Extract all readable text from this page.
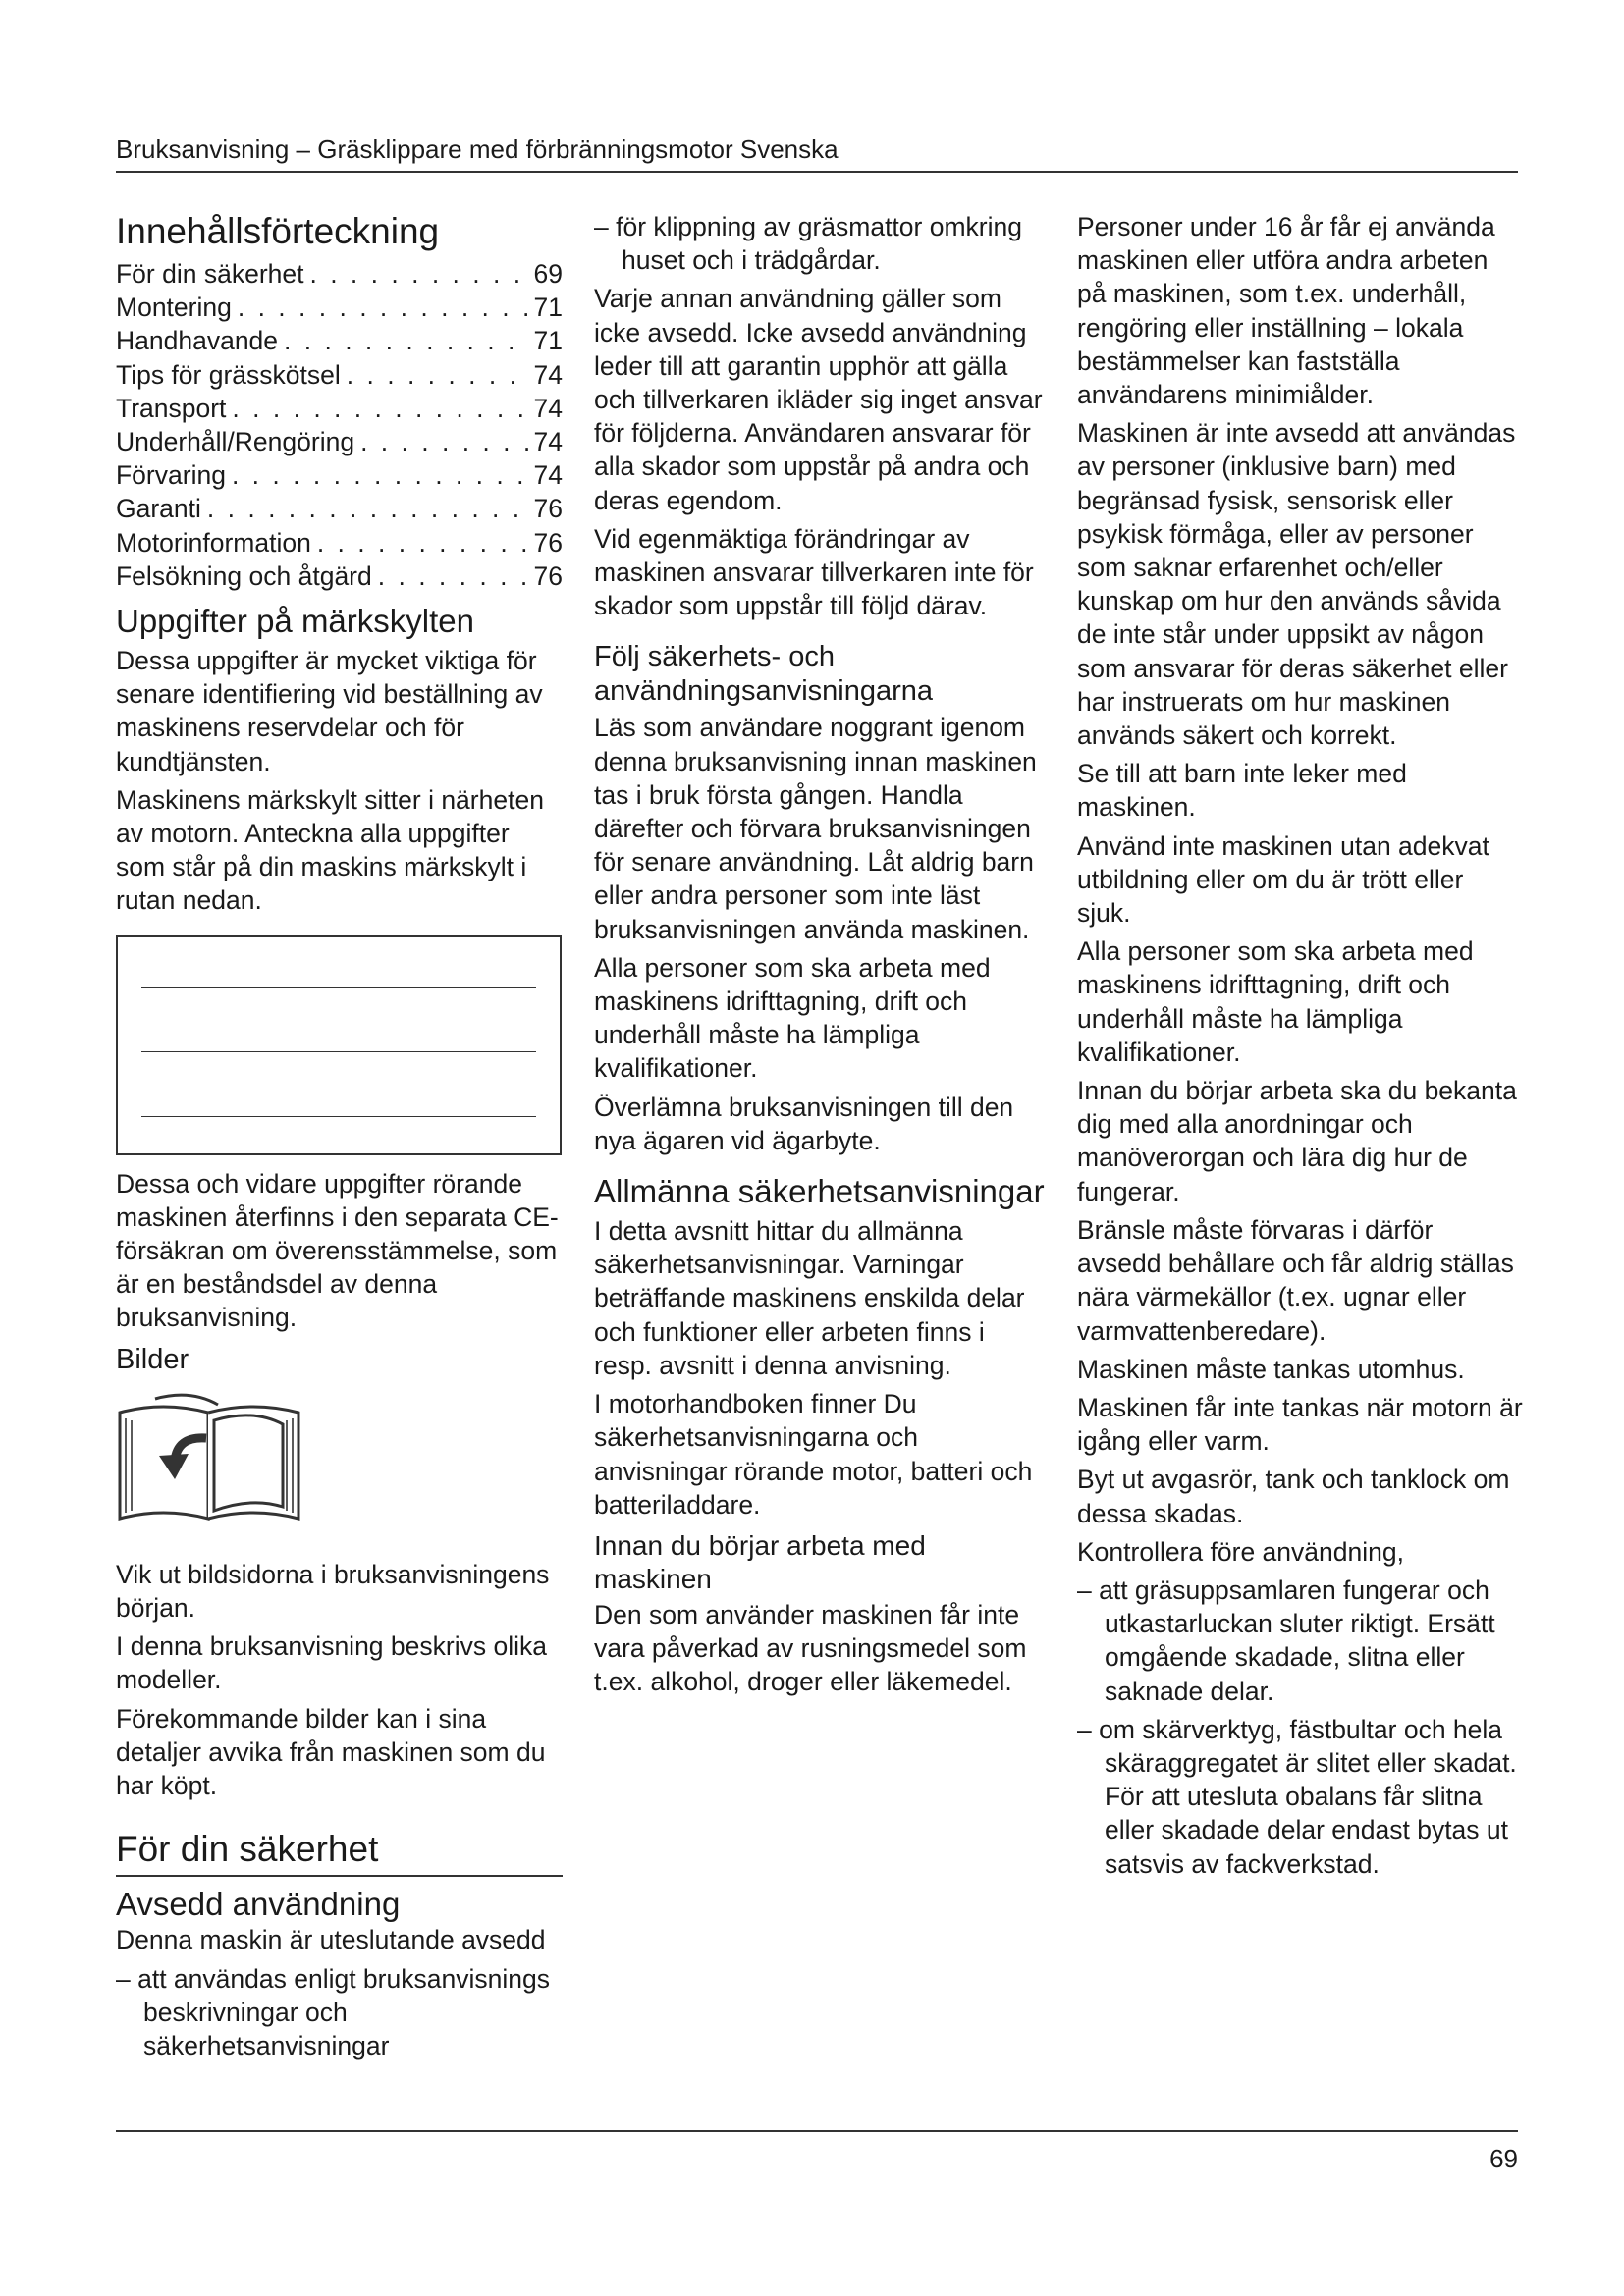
Bruksanvisning – Gräsklippare med förbränningsmotor Svenska
Innehållsförteckning
För din säkerhet . . .	69
Montering . . .	71
Handhavande . . .	71
Tips för grässkötsel . . .	74
Transport . . .	74
Underhåll/Rengöring . . .	74
Förvaring . . .	74
Garanti . . .	76
Motorinformation . . .	76
Felsökning och åtgärd . . .	76
Uppgifter på märkskylten

Dessa uppgifter är mycket viktiga för senare identifiering vid beställning av maskinens reservdelar och för kundtjänsten.

Maskinens märkskylt sitter i närheten av motorn. Anteckna alla uppgifter som står på din maskins märkskylt i rutan nedan.

Dessa och vidare uppgifter rörande maskinen återfinns i den separata CE-försäkran om överensstämmelse, som är en beståndsdel av denna bruksanvisning.

Bilder

Vik ut bildsidorna i bruksanvisningens början.

I denna bruksanvisning beskrivs olika modeller.

Förekommande bilder kan i sina detaljer avvika från maskinen som du har köpt.

För din säkerhet
Avsedd användning

Denna maskin är uteslutande avsedd

– att användas enligt bruksanvisnings beskrivningar och säkerhetsanvisningar

– för klippning av gräsmattor omkring huset och i trädgårdar.

Varje annan användning gäller som icke avsedd. Icke avsedd användning leder till att garantin upphör att gälla och tillverkaren ikläder sig inget ansvar för följderna. Användaren ansvarar för alla skador som uppstår på andra och deras egendom.

Vid egenmäktiga förändringar av maskinen ansvarar tillverkaren inte för skador som uppstår till följd därav.

Följ säkerhets- och användningsanvisningarna

Läs som användare noggrant igenom denna bruksanvisning innan maskinen tas i bruk första gången. Handla därefter och förvara bruksanvisningen för senare användning. Låt aldrig barn eller andra personer som inte läst bruksanvisningen använda maskinen.

Alla personer som ska arbeta med maskinens idrifttagning, drift och underhåll måste ha lämpliga kvalifikationer.

Överlämna bruksanvisningen till den nya ägaren vid ägarbyte.

Allmänna säkerhetsanvisningar

I detta avsnitt hittar du allmänna säkerhetsanvisningar. Varningar beträffande maskinens enskilda delar och funktioner eller arbeten finns i resp. avsnitt i denna anvisning.

I motorhandboken finner Du säkerhetsanvisningarna och anvisningar rörande motor, batteri och batteriladdare.

Innan du börjar arbeta med maskinen

Den som använder maskinen får inte vara påverkad av rusningsmedel som t.ex. alkohol, droger eller läkemedel.

Personer under 16 år får ej använda maskinen eller utföra andra arbeten på maskinen, som t.ex. underhåll, rengöring eller inställning – lokala bestämmelser kan fastställa användarens minimiålder.

Maskinen är inte avsedd att användas av personer (inklusive barn) med begränsad fysisk, sensorisk eller psykisk förmåga, eller av personer som saknar erfarenhet och/eller kunskap om hur den används såvida de inte står under uppsikt av någon som ansvarar för deras säkerhet eller har instruerats om hur maskinen används säkert och korrekt.

Se till att barn inte leker med maskinen.

Använd inte maskinen utan adekvat utbildning eller om du är trött eller sjuk.

Alla personer som ska arbeta med maskinens idrifttagning, drift och underhåll måste ha lämpliga kvalifikationer.

Innan du börjar arbeta ska du bekanta dig med alla anordningar och manöverorgan och lära dig hur de fungerar.

Bränsle måste förvaras i därför avsedd behållare och får aldrig ställas nära värmekällor (t.ex. ugnar eller varmvattenberedare).

Maskinen måste tankas utomhus.

Maskinen får inte tankas när motorn är igång eller varm.

Byt ut avgasrör, tank och tanklock om dessa skadas.

Kontrollera före användning,

– att gräsuppsamlaren fungerar och utkastarluckan sluter riktigt. Ersätt omgående skadade, slitna eller saknade delar.

– om skärverktyg, fästbultar och hela skäraggregatet är slitet eller skadat. För att utesluta obalans får slitna eller skadade delar endast bytas ut satsvis av fackverkstad.

69
